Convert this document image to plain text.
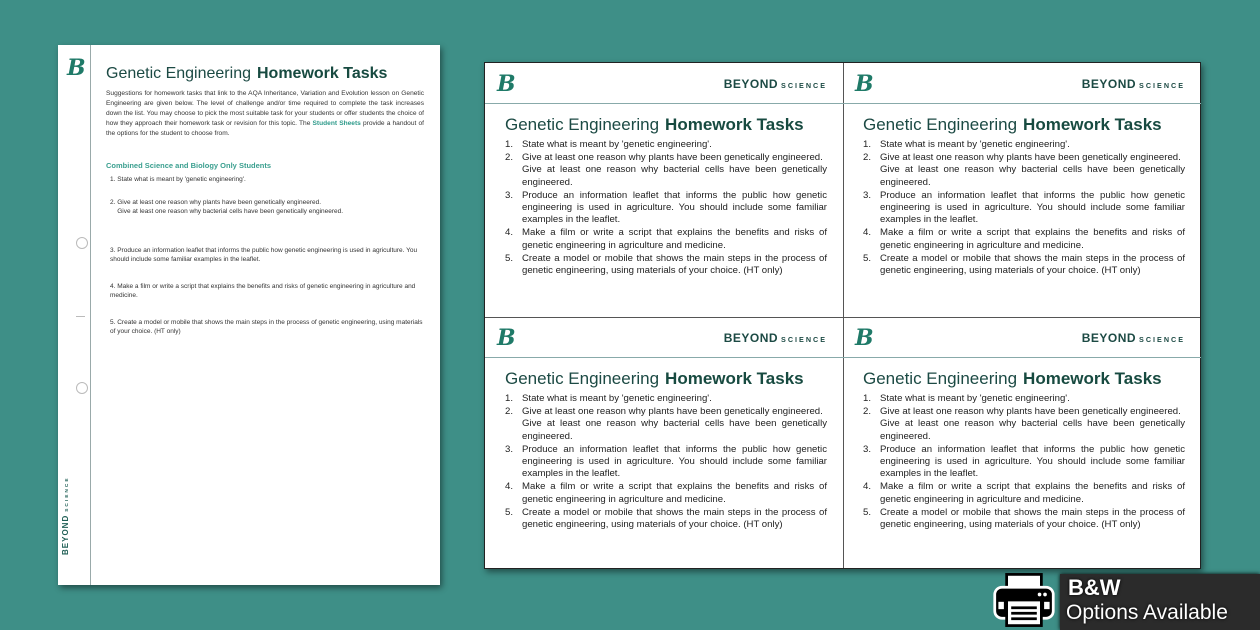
B
BEYONDSCIENCE
Genetic Engineering Homework Tasks

Suggestions for homework tasks that link to the AQA Inheritance, Variation and Evolution lesson on Genetic Engineering are given below. The level of challenge and/or time required to complete the task increases down the list. You may choose to pick the most suitable task for your students or offer students the choice of how they approach their homework task or revision for this topic. The Student Sheets provide a handout of the options for the student to choose from.

Combined Science and Biology Only Students
1. State what is meant by 'genetic engineering'.
2. Give at least one reason why plants have been genetically engineered.
Give at least one reason why bacterial cells have been genetically engineered.
3. Produce an information leaflet that informs the public how genetic engineering is used in agriculture. You should include some familiar examples in the leaflet.
4. Make a film or write a script that explains the benefits and risks of genetic engineering in agriculture and medicine.
5. Create a model or mobile that shows the main steps in the process of genetic engineering, using materials of your choice. (HT only)
B	BEYOND SCIENCE
Genetic Engineering Homework Tasks
1. State what is meant by 'genetic engineering'.
2. Give at least one reason why plants have been genetically engineered.
Give at least one reason why bacterial cells have been genetically engineered.
3. Produce an information leaflet that informs the public how genetic engineering is used in agriculture. You should include some familiar examples in the leaflet.
4. Make a film or write a script that explains the benefits and risks of genetic engineering in agriculture and medicine.
5. Create a model or mobile that shows the main steps in the process of genetic engineering, using materials of your choice. (HT only)
B	BEYOND SCIENCE
Genetic Engineering Homework Tasks
1. State what is meant by 'genetic engineering'.
2. Give at least one reason why plants have been genetically engineered.
Give at least one reason why bacterial cells have been genetically engineered.
3. Produce an information leaflet that informs the public how genetic engineering is used in agriculture. You should include some familiar examples in the leaflet.
4. Make a film or write a script that explains the benefits and risks of genetic engineering in agriculture and medicine.
5. Create a model or mobile that shows the main steps in the process of genetic engineering, using materials of your choice. (HT only)
B	BEYOND SCIENCE
Genetic Engineering Homework Tasks
1. State what is meant by 'genetic engineering'.
2. Give at least one reason why plants have been genetically engineered.
Give at least one reason why bacterial cells have been genetically engineered.
3. Produce an information leaflet that informs the public how genetic engineering is used in agriculture. You should include some familiar examples in the leaflet.
4. Make a film or write a script that explains the benefits and risks of genetic engineering in agriculture and medicine.
5. Create a model or mobile that shows the main steps in the process of genetic engineering, using materials of your choice. (HT only)
B	BEYOND SCIENCE
Genetic Engineering Homework Tasks
1. State what is meant by 'genetic engineering'.
2. Give at least one reason why plants have been genetically engineered.
Give at least one reason why bacterial cells have been genetically engineered.
3. Produce an information leaflet that informs the public how genetic engineering is used in agriculture. You should include some familiar examples in the leaflet.
4. Make a film or write a script that explains the benefits and risks of genetic engineering in agriculture and medicine.
5. Create a model or mobile that shows the main steps in the process of genetic engineering, using materials of your choice. (HT only)
B&W
Options Available
